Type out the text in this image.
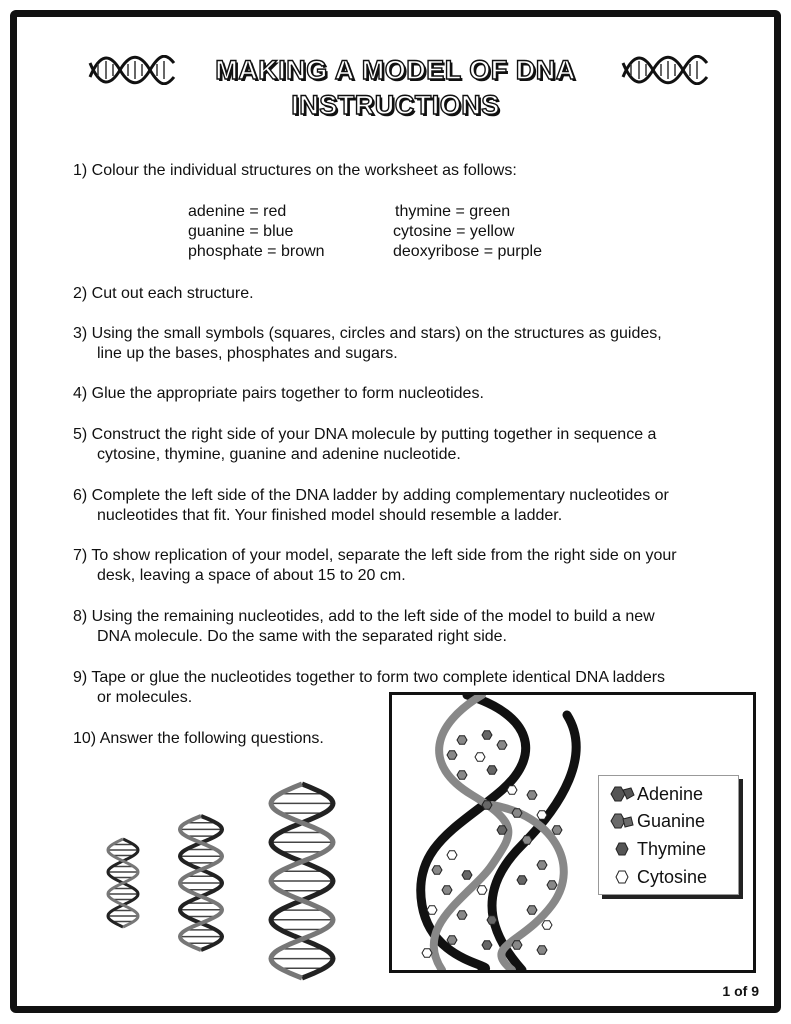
MAKING A MODEL OF DNA
INSTRUCTIONS
1) Colour the individual structures on the worksheet as follows:
adenine = red	thymine = green
guanine = blue	cytosine = yellow
phosphate = brown	deoxyribose = purple
2) Cut out each structure.
3) Using the small symbols (squares, circles and stars) on the structures as guides,
line up the bases, phosphates and sugars.
4) Glue the appropriate pairs together to form nucleotides.
5) Construct the right side of your DNA molecule by putting together in sequence a
cytosine, thymine, guanine and adenine nucleotide.
6) Complete the left side of the DNA ladder by adding complementary nucleotides or
nucleotides that fit. Your finished model should resemble a ladder.
7) To show replication of your model, separate the left side from the right side on your
desk, leaving a space of about 15 to 20 cm.
8) Using the remaining nucleotides, add to the left side of the model to build a new
DNA molecule. Do the same with the separated right side.
9) Tape or glue the nucleotides together to form two complete identical DNA ladders
or molecules.
10) Answer the following questions.
Adenine
Guanine
Thymine
Cytosine
1 of 9
